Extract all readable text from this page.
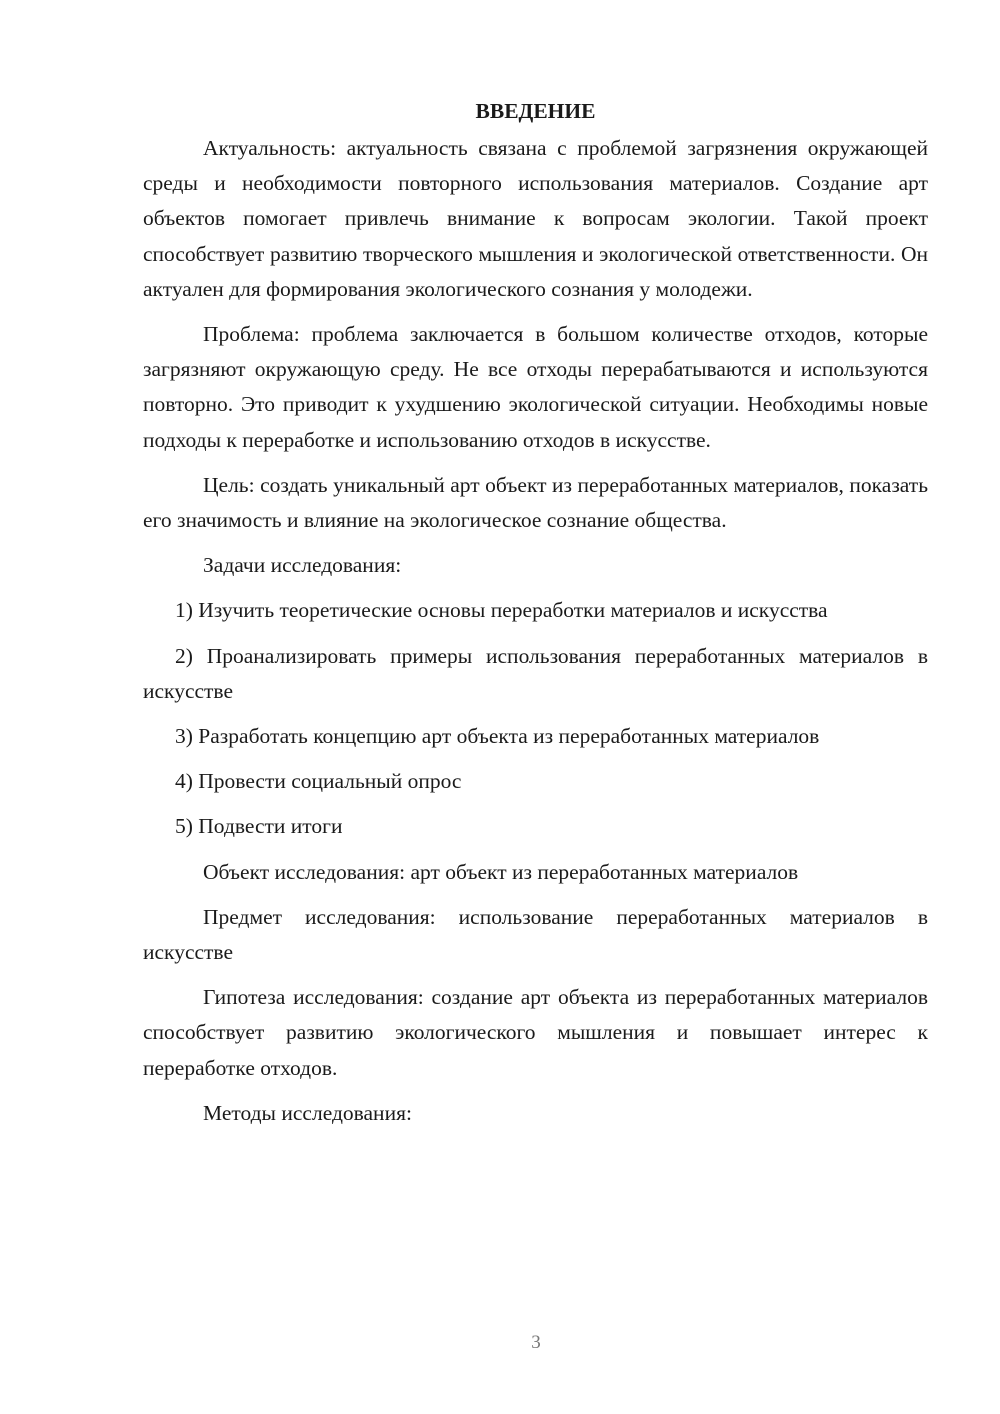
ВВЕДЕНИЕ

Актуальность: актуальность связана с проблемой загрязнения окружающей среды и необходимости повторного использования материалов. Создание арт объектов помогает привлечь внимание к вопросам экологии. Такой проект способствует развитию творческого мышления и экологической ответственности. Он актуален для формирования экологического сознания у молодежи.

Проблема: проблема заключается в большом количестве отходов, которые загрязняют окружающую среду. Не все отходы перерабатываются и используются повторно. Это приводит к ухудшению экологической ситуации. Необходимы новые подходы к переработке и использованию отходов в искусстве.

Цель: создать уникальный арт объект из переработанных материалов, показать его значимость и влияние на экологическое сознание общества.

Задачи исследования:

1) Изучить теоретические основы переработки материалов и искусства

2) Проанализировать примеры использования переработанных материалов в искусстве

3) Разработать концепцию арт объекта из переработанных материалов

4) Провести социальный опрос

5) Подвести итоги

Объект исследования: арт объект из переработанных материалов

Предмет исследования: использование переработанных материалов в искусстве

Гипотеза исследования: создание арт объекта из переработанных материалов способствует развитию экологического мышления и повышает интерес к переработке отходов.

Методы исследования:

3
